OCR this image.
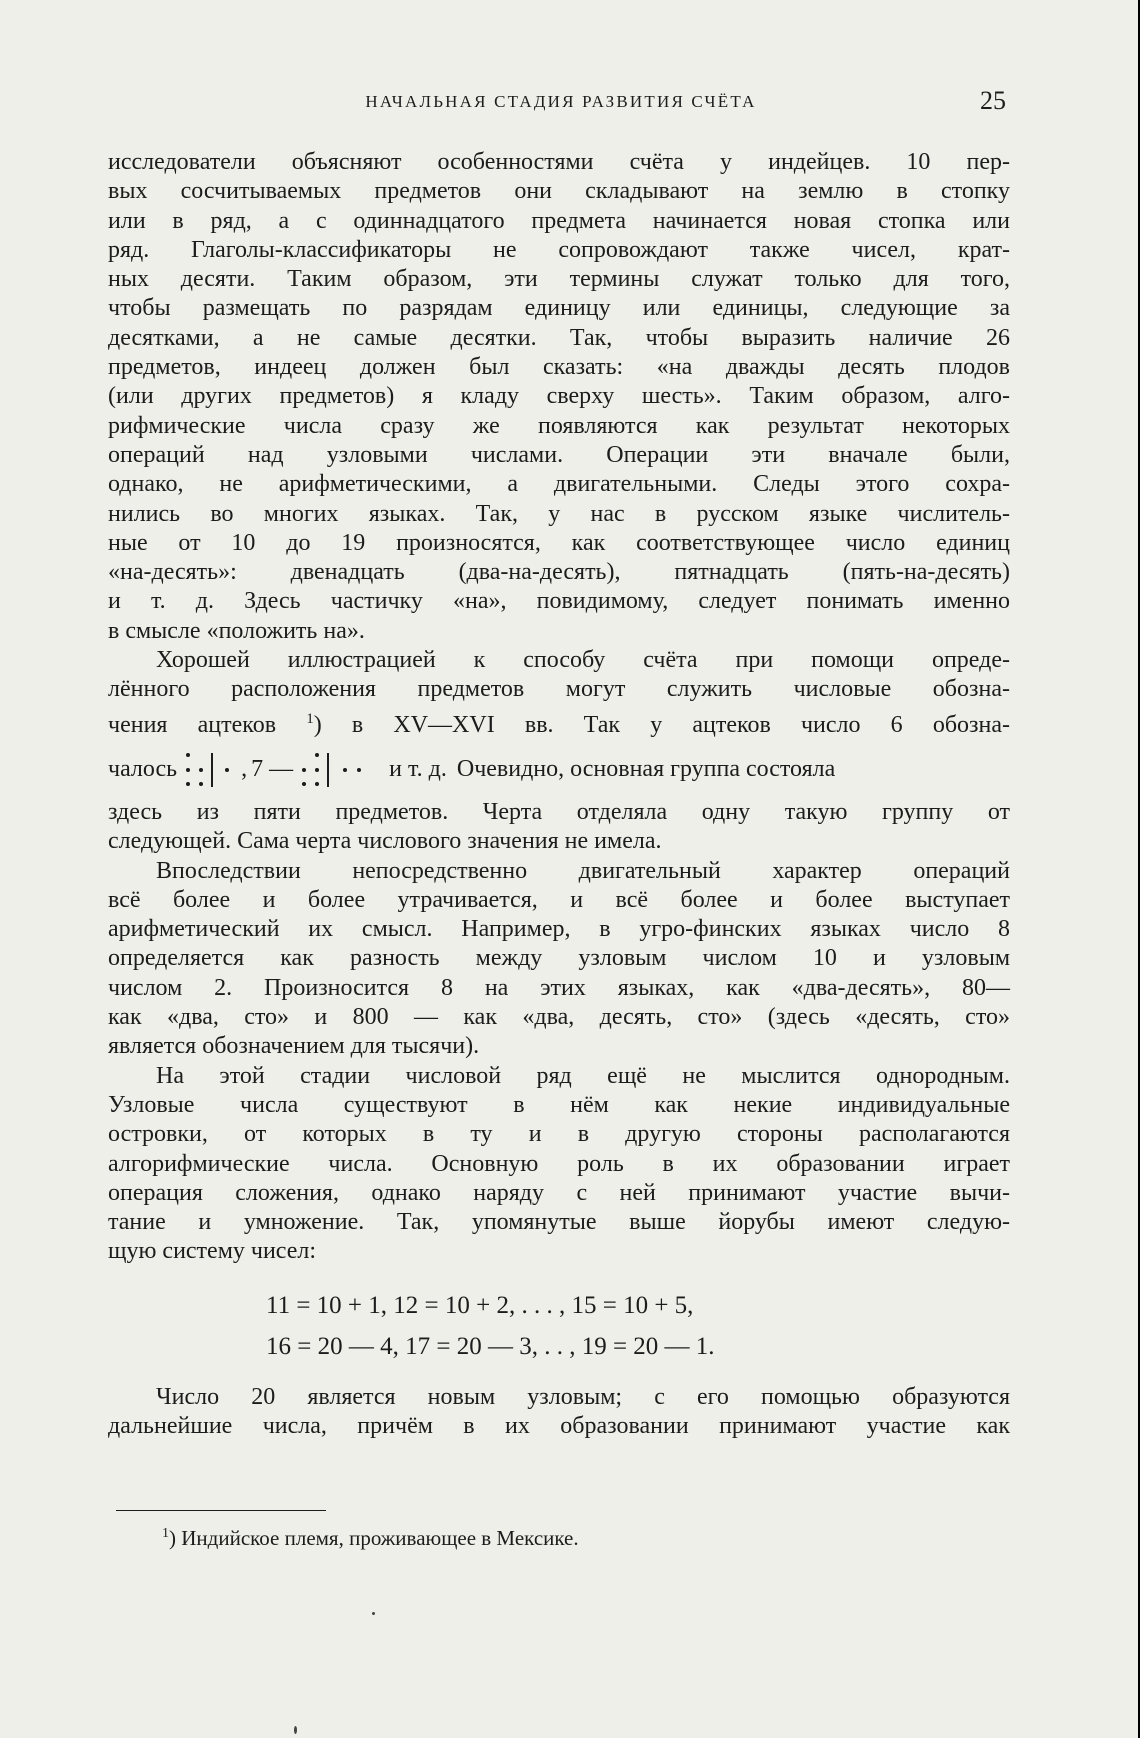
НАЧАЛЬНАЯ СТАДИЯ РАЗВИТИЯ СЧЁТА	25

исследователи объясняют особенностями счёта у индейцев. 10 пер-
вых сосчитываемых предметов они складывают на землю в стопку
или в ряд, а с одиннадцатого предмета начинается новая стопка или
ряд. Глаголы-классификаторы не сопровождают также чисел, крат-
ных десяти. Таким образом, эти термины служат только для того,
чтобы размещать по разрядам единицу или единицы, следующие за
десятками, а не самые десятки. Так, чтобы выразить наличие 26
предметов, индеец должен был сказать: «на дважды десять плодов
(или других предметов) я кладу сверху шесть». Таким образом, алго-
рифмические числа сразу же появляются как результат некоторых
операций над узловыми числами. Операции эти вначале были,
однако, не арифметическими, а двигательными. Следы этого сохра-
нились во многих языках. Так, у нас в русском языке числитель-
ные от 10 до 19 произносятся, как соответствующее число единиц
«на-десять»: двенадцать (два-на-десять), пятнадцать (пять-на-десять)
и т. д. Здесь частичку «на», повидимому, следует понимать именно
в смысле «положить на».

Хорошей иллюстрацией к способу счёта при помощи опреде-
лённого расположения предметов могут служить числовые обозна-
чения ацтеков $^1$) в XV—XVI вв. Так у ацтеков число 6 обозна-
чалось	, 7 —	и т. д. Очевидно, основная группа состояла
здесь из пяти предметов. Черта отделяла одну такую группу от
следующей. Сама черта числового значения не имела.

Впоследствии непосредственно двигательный характер операций
всё более и более утрачивается, и всё более и более выступает
арифметический их смысл. Например, в угро-финских языках число 8
определяется как разность между узловым числом 10 и узловым
числом 2. Произносится 8 на этих языках, как «два-десять», 80—
как «два, сто» и 800 — как «два, десять, сто» (здесь «десять, сто»
является обозначением для тысячи).

На этой стадии числовой ряд ещё не мыслится однородным.
Узловые числа существуют в нём как некие индивидуальные
островки, от которых в ту и в другую стороны располагаются
алгорифмические числа. Основную роль в их образовании играет
операция сложения, однако наряду с ней принимают участие вычи-
тание и умножение. Так, упомянутые выше йорубы имеют следую-
щую систему чисел:

11 = 10 + 1, 12 = 10 + 2, . . . , 15 = 10 + 5,
16 = 20 — 4, 17 = 20 — 3, . . , 19 = 20 — 1.

Число 20 является новым узловым; с его помощью образуются
дальнейшие числа, причём в их образовании принимают участие как

$^1$) Индийское племя, проживающее в Мексике.
